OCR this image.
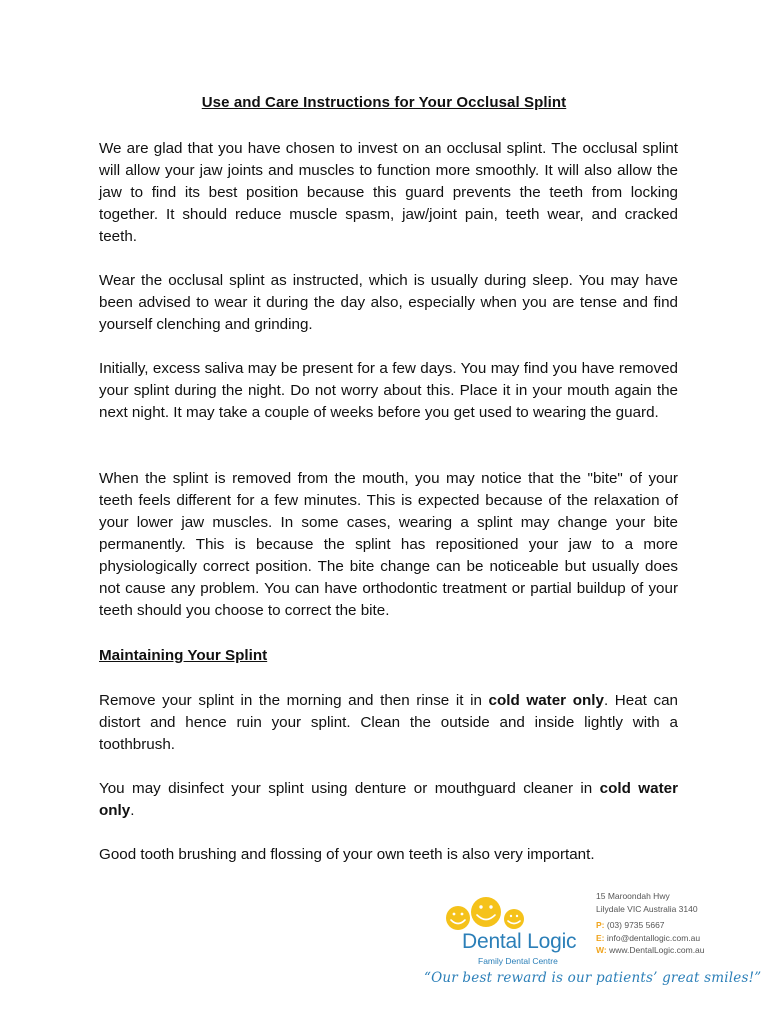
Use and Care Instructions for Your Occlusal Splint

We are glad that you have chosen to invest on an occlusal splint. The occlusal splint will allow your jaw joints and muscles to function more smoothly. It will also allow the jaw to find its best position because this guard prevents the teeth from locking together. It should reduce muscle spasm, jaw/joint pain, teeth wear, and cracked teeth.

Wear the occlusal splint as instructed, which is usually during sleep. You may have been advised to wear it during the day also, especially when you are tense and find yourself clenching and grinding.

Initially, excess saliva may be present for a few days. You may find you have removed your splint during the night. Do not worry about this. Place it in your mouth again the next night. It may take a couple of weeks before you get used to wearing the guard.

When the splint is removed from the mouth, you may notice that the "bite" of your teeth feels different for a few minutes. This is expected because of the relaxation of your lower jaw muscles. In some cases, wearing a splint may change your bite permanently. This is because the splint has repositioned your jaw to a more physiologically correct position. The bite change can be noticeable but usually does not cause any problem. You can have orthodontic treatment or partial buildup of your teeth should you choose to correct the bite.

Maintaining Your Splint

Remove your splint in the morning and then rinse it in cold water only. Heat can distort and hence ruin your splint. Clean the outside and inside lightly with a toothbrush.

You may disinfect your splint using denture or mouthguard cleaner in cold water only.

Good tooth brushing and flossing of your own teeth is also very important.

Dental Logic
Family Dental Centre
15 Maroondah Hwy
Lilydale VIC Australia 3140
P: (03) 9735 5667
E: info@dentallogic.com.au
W: www.DentalLogic.com.au
“Our best reward is our patients’ great smiles!”
